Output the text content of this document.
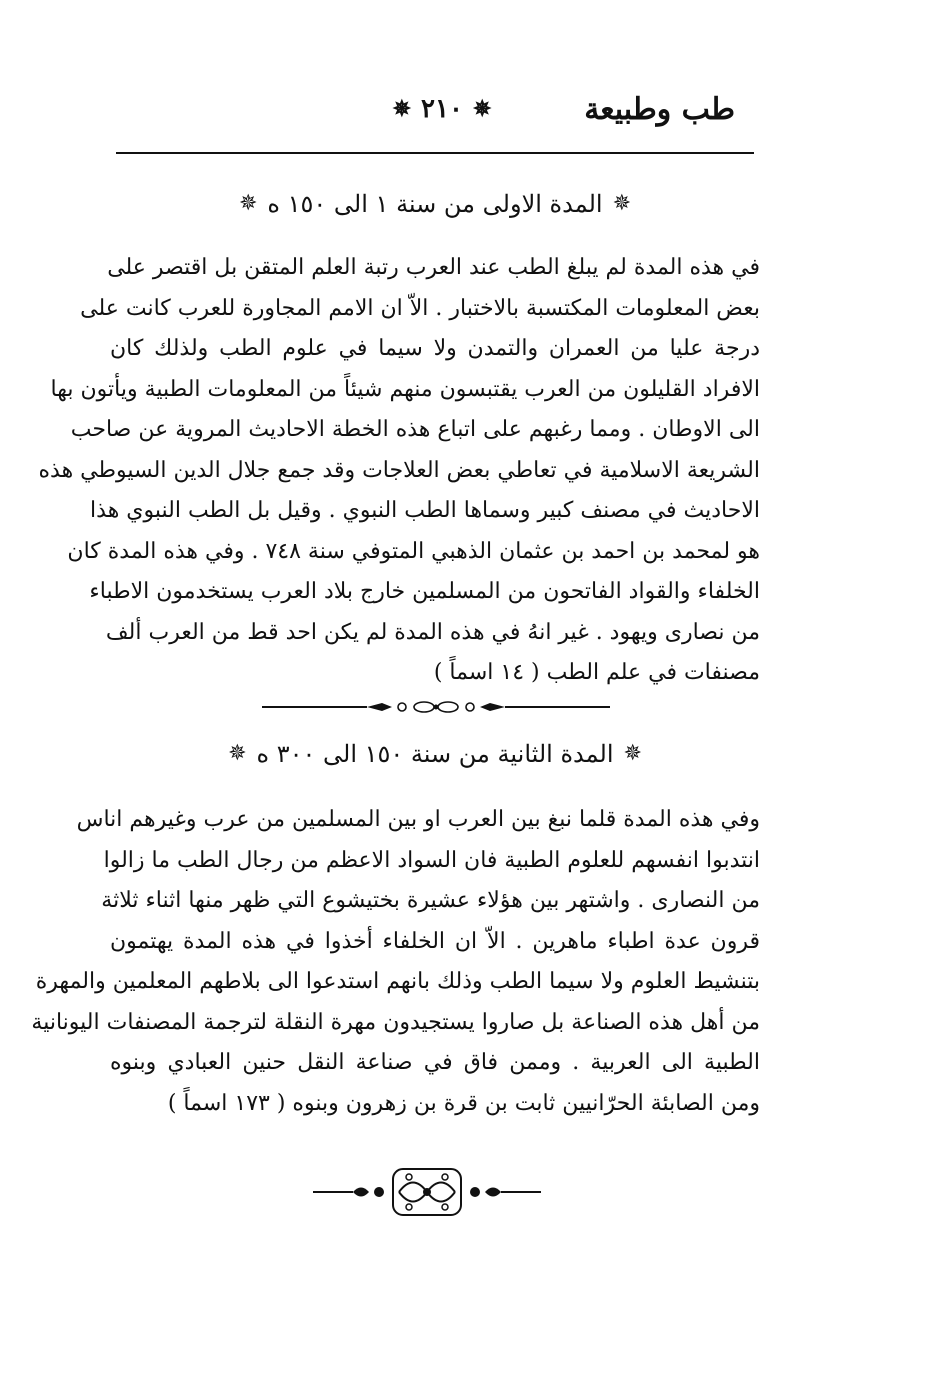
طب وطبيعة
✵
٢١٠
✵
✵
المدة الاولى من سنة ١ الى ١٥٠ ه
✵
في هذه المدة لم يبلغ الطب عند العرب رتبة العلم المتقن بل اقتصر على
بعض المعلومات المكتسبة بالاختبار . الاّ ان الامم المجاورة للعرب كانت على
درجة عليا من العمران والتمدن ولا سيما في علوم الطب ولذلك كان
الافراد القليلون من العرب يقتبسون منهم شيئاً من المعلومات الطبية ويأتون بها
الى الاوطان . ومما رغبهم على اتباع هذه الخطة الاحاديث المروية عن صاحب
الشريعة الاسلامية في تعاطي بعض العلاجات وقد جمع جلال الدين السيوطي هذه
الاحاديث في مصنف كبير وسماها الطب النبوي . وقيل بل الطب النبوي هذا
هو لمحمد بن احمد بن عثمان الذهبي المتوفي سنة ٧٤٨ . وفي هذه المدة كان
الخلفاء والقواد الفاتحون من المسلمين خارج بلاد العرب يستخدمون الاطباء
من نصارى ويهود . غير انهُ في هذه المدة لم يكن احد قط من العرب ألف
مصنفات في علم الطب ( ١٤ اسماً )
✵
المدة الثانية من سنة ١٥٠ الى ٣٠٠ ه
✵
وفي هذه المدة قلما نبغ بين العرب او بين المسلمين من عرب وغيرهم اناس
انتدبوا انفسهم للعلوم الطبية فان السواد الاعظم من رجال الطب ما زالوا
من النصارى . واشتهر بين هؤلاء عشيرة بختيشوع التي ظهر منها اثناء ثلاثة
قرون عدة اطباء ماهرين . الاّ ان الخلفاء أخذوا في هذه المدة يهتمون
بتنشيط العلوم ولا سيما الطب وذلك بانهم استدعوا الى بلاطهم المعلمين والمهرة
من أهل هذه الصناعة بل صاروا يستجيدون مهرة النقلة لترجمة المصنفات اليونانية
الطبية الى العربية . وممن فاق في صناعة النقل حنين العبادي وبنوه
ومن الصابئة الحرّانيين ثابت بن قرة بن زهرون وبنوه ( ١٧٣ اسماً )
